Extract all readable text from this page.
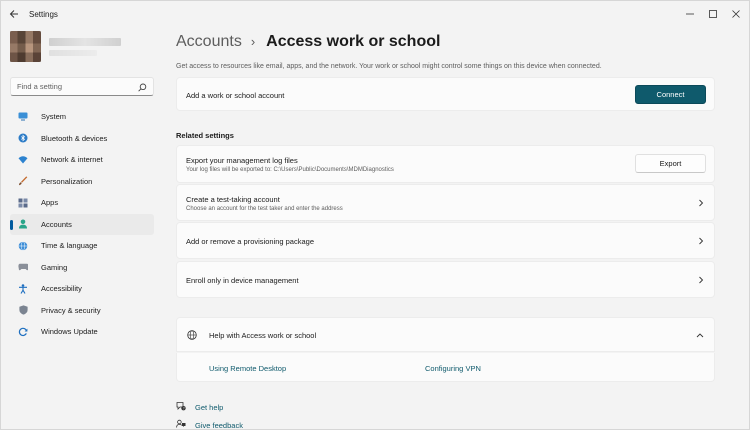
Settings
Find a setting
System
Bluetooth & devices
Network & internet
Personalization
Apps
Accounts
Time & language
Gaming
Accessibility
Privacy & security
Windows Update
Accounts › Access work or school
Get access to resources like email, apps, and the network. Your work or school might control some things on this device when connected.
Add a work or school account	Connect
Related settings
Export your management log files
Your log files will be exported to: C:\Users\Public\Documents\MDMDiagnostics
Export
Create a test-taking account
Choose an account for the test taker and enter the address
Add or remove a provisioning package
Enroll only in device management
Help with Access work or school
Using Remote Desktop	Configuring VPN
? Get help
Give feedback
